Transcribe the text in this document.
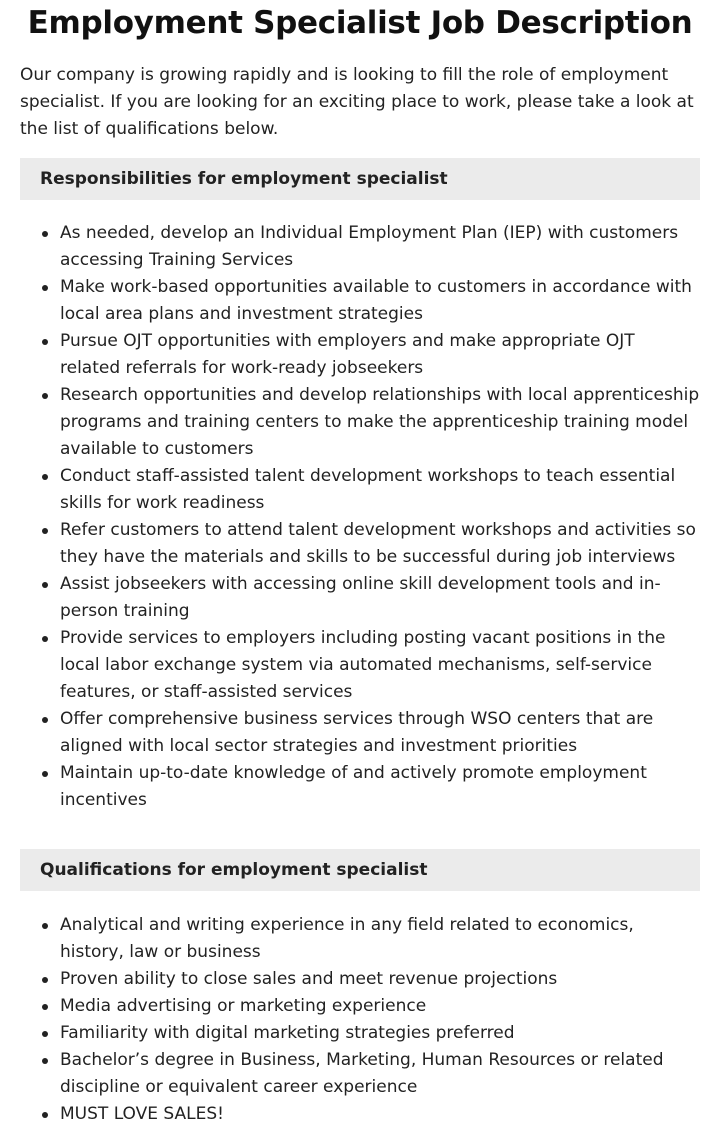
Employment Specialist Job Description

Our company is growing rapidly and is looking to fill the role of employment specialist. If you are looking for an exciting place to work, please take a look at the list of qualifications below.

Responsibilities for employment specialist
As needed, develop an Individual Employment Plan (IEP) with customers accessing Training Services
Make work-based opportunities available to customers in accordance with local area plans and investment strategies
Pursue OJT opportunities with employers and make appropriate OJT related referrals for work-ready jobseekers
Research opportunities and develop relationships with local apprenticeship programs and training centers to make the apprenticeship training model available to customers
Conduct staff-assisted talent development workshops to teach essential skills for work readiness
Refer customers to attend talent development workshops and activities so they have the materials and skills to be successful during job interviews
Assist jobseekers with accessing online skill development tools and in-person training
Provide services to employers including posting vacant positions in the local labor exchange system via automated mechanisms, self-service features, or staff-assisted services
Offer comprehensive business services through WSO centers that are aligned with local sector strategies and investment priorities
Maintain up-to-date knowledge of and actively promote employment incentives
Qualifications for employment specialist
Analytical and writing experience in any field related to economics, history, law or business
Proven ability to close sales and meet revenue projections
Media advertising or marketing experience
Familiarity with digital marketing strategies preferred
Bachelor’s degree in Business, Marketing, Human Resources or related discipline or equivalent career experience
MUST LOVE SALES!
